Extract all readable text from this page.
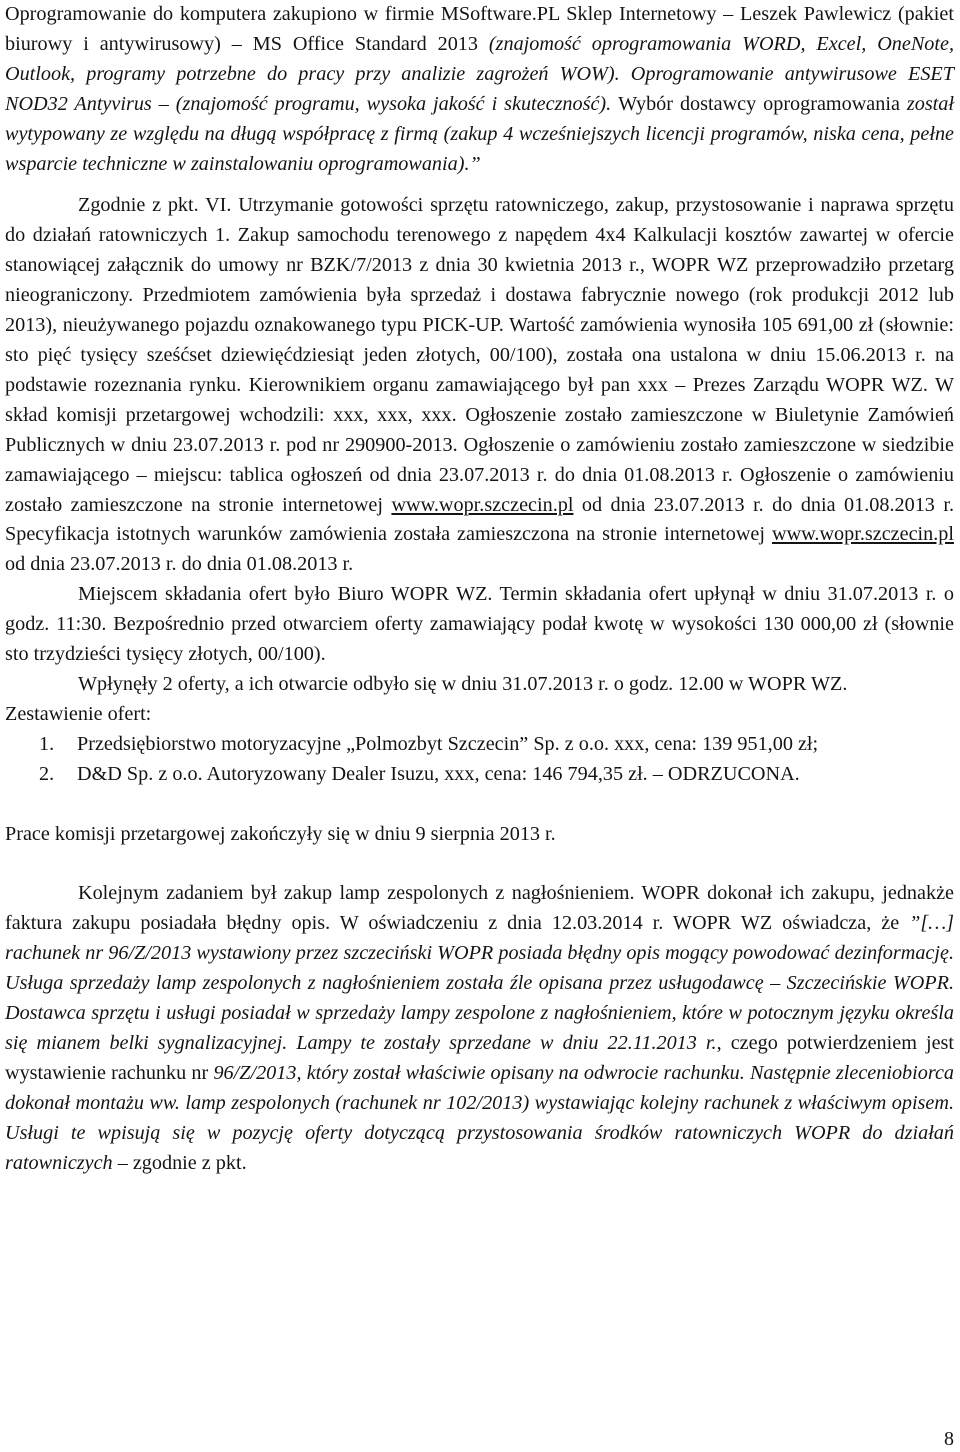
Oprogramowanie do komputera zakupiono w firmie MSoftware.PL Sklep Internetowy – Leszek Pawlewicz (pakiet biurowy i antywirusowy) – MS Office Standard 2013 (znajomość oprogramowania WORD, Excel, OneNote, Outlook, programy potrzebne do pracy przy analizie zagrożeń WOW). Oprogramowanie antywirusowe ESET NOD32 Antyvirus – (znajomość programu, wysoka jakość i skuteczność). Wybór dostawcy oprogramowania został wytypowany ze względu na długą współpracę z firmą (zakup 4 wcześniejszych licencji programów, niska cena, pełne wsparcie techniczne w zainstalowaniu oprogramowania).”

Zgodnie z pkt. VI. Utrzymanie gotowości sprzętu ratowniczego, zakup, przystosowanie i naprawa sprzętu do działań ratowniczych 1. Zakup samochodu terenowego z napędem 4x4 Kalkulacji kosztów zawartej w ofercie stanowiącej załącznik do umowy nr BZK/7/2013 z dnia 30 kwietnia 2013 r., WOPR WZ przeprowadziło przetarg nieograniczony. Przedmiotem zamówienia była sprzedaż i dostawa fabrycznie nowego (rok produkcji 2012 lub 2013), nieużywanego pojazdu oznakowanego typu PICK-UP. Wartość zamówienia wynosiła 105 691,00 zł (słownie: sto pięć tysięcy sześćset dziewięćdziesiąt jeden złotych, 00/100), została ona ustalona w dniu 15.06.2013 r. na podstawie rozeznania rynku. Kierownikiem organu zamawiającego był pan xxx – Prezes Zarządu WOPR WZ. W skład komisji przetargowej wchodzili: xxx, xxx, xxx. Ogłoszenie zostało zamieszczone w Biuletynie Zamówień Publicznych w dniu 23.07.2013 r. pod nr 290900-2013. Ogłoszenie o zamówieniu zostało zamieszczone w siedzibie zamawiającego – miejscu: tablica ogłoszeń od dnia 23.07.2013 r. do dnia 01.08.2013 r. Ogłoszenie o zamówieniu zostało zamieszczone na stronie internetowej www.wopr.szczecin.pl od dnia 23.07.2013 r. do dnia 01.08.2013 r. Specyfikacja istotnych warunków zamówienia została zamieszczona na stronie internetowej www.wopr.szczecin.pl od dnia 23.07.2013 r. do dnia 01.08.2013 r.

Miejscem składania ofert było Biuro WOPR WZ. Termin składania ofert upłynął w dniu 31.07.2013 r. o godz. 11:30. Bezpośrednio przed otwarciem oferty zamawiający podał kwotę w wysokości 130 000,00 zł (słownie sto trzydzieści tysięcy złotych, 00/100).

Wpłynęły 2 oferty, a ich otwarcie odbyło się w dniu 31.07.2013 r. o godz. 12.00 w WOPR WZ.

Zestawienie ofert:

1. Przedsiębiorstwo motoryzacyjne „Polmozbyt Szczecin” Sp. z o.o. xxx, cena: 139 951,00 zł;
2. D&D Sp. z o.o. Autoryzowany Dealer Isuzu, xxx, cena: 146 794,35 zł. – ODRZUCONA.

Prace komisji przetargowej zakończyły się w dniu 9 sierpnia 2013 r.

Kolejnym zadaniem był zakup lamp zespolonych z nagłośnieniem. WOPR dokonał ich zakupu, jednakże faktura zakupu posiadała błędny opis. W oświadczeniu z dnia 12.03.2014 r. WOPR WZ oświadcza, że ”[…] rachunek nr 96/Z/2013 wystawiony przez szczeciński WOPR posiada błędny opis mogący powodować dezinformację. Usługa sprzedaży lamp zespolonych z nagłośnieniem została źle opisana przez usługodawcę – Szczecińskie WOPR. Dostawca sprzętu i usługi posiadał w sprzedaży lampy zespolone z nagłośnieniem, które w potocznym języku określa się mianem belki sygnalizacyjnej. Lampy te zostały sprzedane w dniu 22.11.2013 r., czego potwierdzeniem jest wystawienie rachunku nr 96/Z/2013, który został właściwie opisany na odwrocie rachunku. Następnie zleceniobiorca dokonał montażu ww. lamp zespolonych (rachunek nr 102/2013) wystawiając kolejny rachunek z właściwym opisem. Usługi te wpisują się w pozycję oferty dotyczącą przystosowania środków ratowniczych WOPR do działań ratowniczych – zgodnie z pkt.

8
